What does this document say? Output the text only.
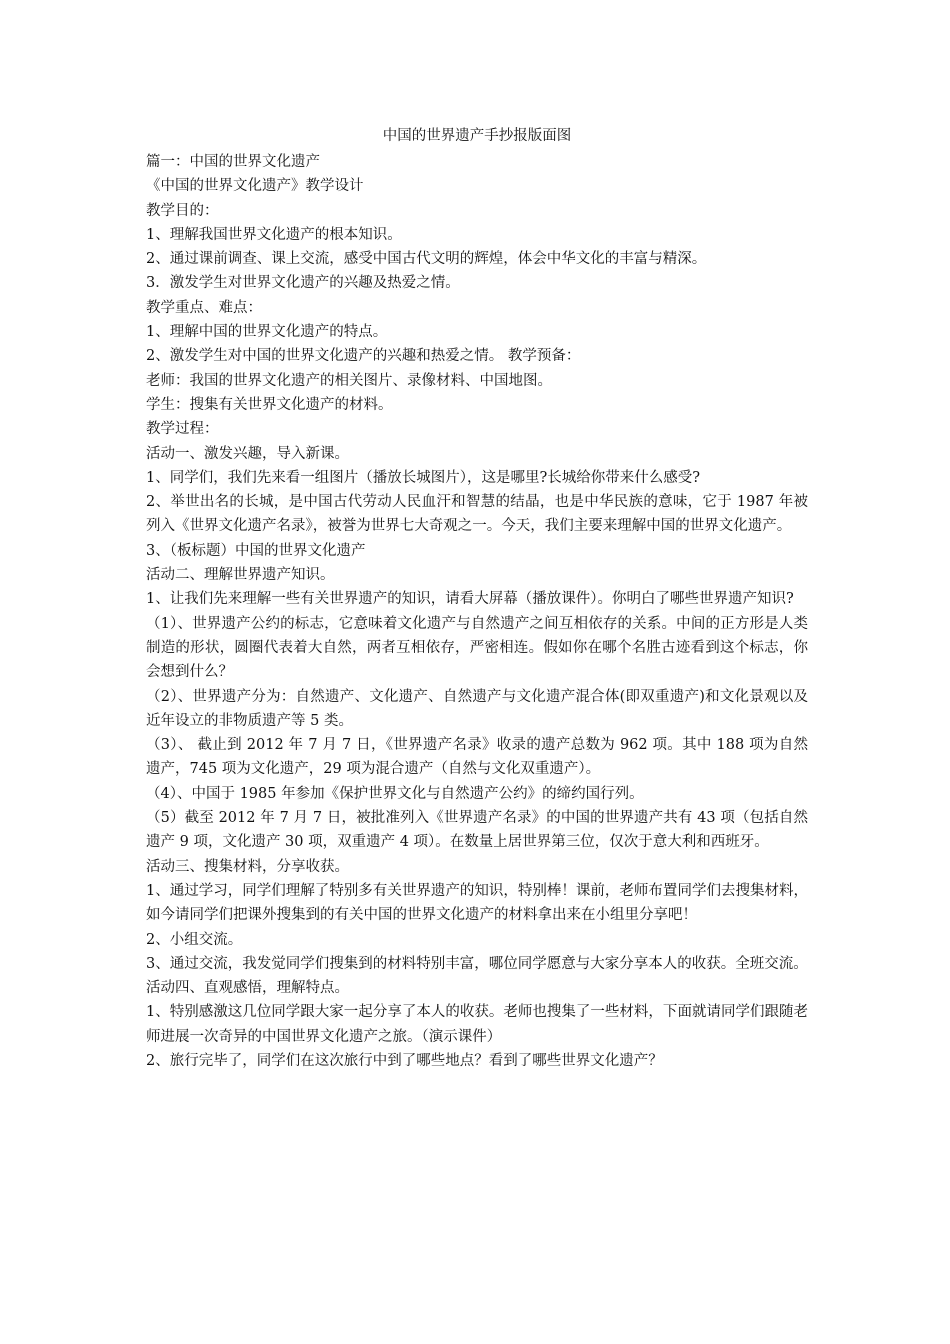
中国的世界遗产手抄报版面图

篇一：中国的世界文化遗产

《中国的世界文化遗产》教学设计

教学目的：

1、理解我国世界文化遗产的根本知识。

2、通过课前调查、课上交流，感受中国古代文明的辉煌，体会中华文化的丰富与精深。

3．激发学生对世界文化遗产的兴趣及热爱之情。

教学重点、难点：

1、理解中国的世界文化遗产的特点。

2、激发学生对中国的世界文化遗产的兴趣和热爱之情。 教学预备：

老师：我国的世界文化遗产的相关图片、录像材料、中国地图。

学生：搜集有关世界文化遗产的材料。

教学过程：

活动一、激发兴趣，导入新课。

1、同学们，我们先来看一组图片（播放长城图片），这是哪里?长城给你带来什么感受?

2、举世出名的长城，是中国古代劳动人民血汗和智慧的结晶，也是中华民族的意味，它于 1987 年被列入《世界文化遗产名录》，被誉为世界七大奇观之一。今天，我们主要来理解中国的世界文化遗产。

3、（板标题）中国的世界文化遗产

活动二、理解世界遗产知识。

1、让我们先来理解一些有关世界遗产的知识，请看大屏幕（播放课件）。你明白了哪些世界遗产知识?

（1）、世界遗产公约的标志，它意味着文化遗产与自然遗产之间互相依存的关系。中间的正方形是人类制造的形状，圆圈代表着大自然，两者互相依存，严密相连。假如你在哪个名胜古迹看到这个标志，你会想到什么？

（2）、世界遗产分为：自然遗产、文化遗产、自然遗产与文化遗产混合体(即双重遗产)和文化景观以及近年设立的非物质遗产等 5 类。

（3）、 截止到 2012 年 7 月 7 日，《世界遗产名录》收录的遗产总数为 962 项。其中 188 项为自然遗产，745 项为文化遗产，29 项为混合遗产（自然与文化双重遗产）。

（4）、中国于 1985 年参加《保护世界文化与自然遗产公约》的缔约国行列。

（5）截至 2012 年 7 月 7 日，被批准列入《世界遗产名录》的中国的世界遗产共有 43 项（包括自然遗产 9 项，文化遗产 30 项，双重遗产 4 项）。在数量上居世界第三位，仅次于意大利和西班牙。

活动三、搜集材料，分享收获。

1、通过学习，同学们理解了特别多有关世界遗产的知识，特别棒！课前，老师布置同学们去搜集材料，如今请同学们把课外搜集到的有关中国的世界文化遗产的材料拿出来在小组里分享吧！

2、小组交流。

3、通过交流，我发觉同学们搜集到的材料特别丰富，哪位同学愿意与大家分享本人的收获。全班交流。

活动四、直观感悟，理解特点。

1、特别感激这几位同学跟大家一起分享了本人的收获。老师也搜集了一些材料，下面就请同学们跟随老师进展一次奇异的中国世界文化遗产之旅。（演示课件）

2、旅行完毕了，同学们在这次旅行中到了哪些地点？看到了哪些世界文化遗产？
